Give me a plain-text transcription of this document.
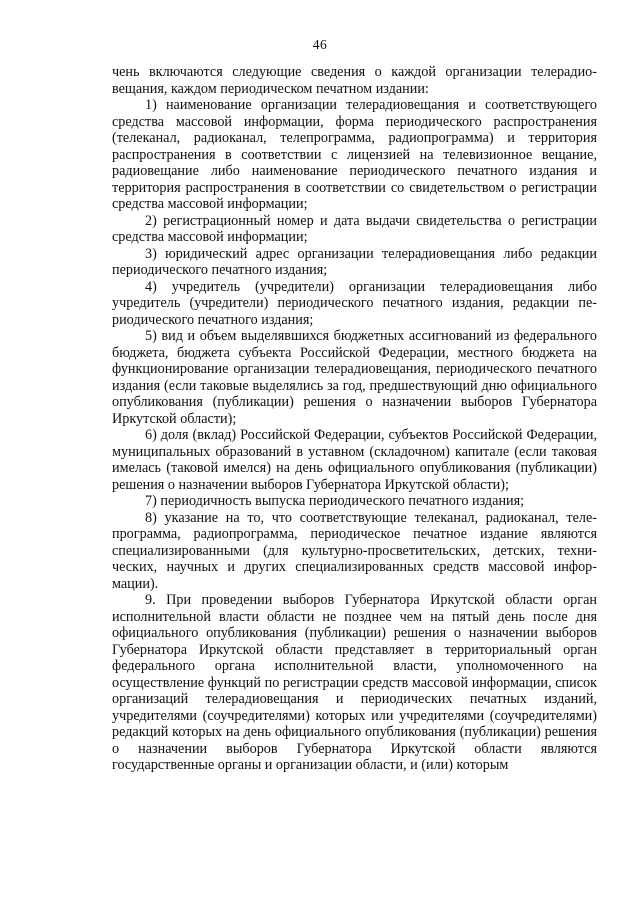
46

чень включаются следующие сведения о каждой организации телерадиовещания, каждом периодическом печатном издании:

1) наименование организации телерадиовещания и соответствующего средства массовой информации, форма периодического распространения (телеканал, радиоканал, телепрограмма, радиопрограмма) и территория распространения в соответствии с лицензией на телевизионное вещание, радиовещание либо наименование периодического печатного издания и территория распространения в соответствии со свидетельством о регистрации средства массовой информации;

2) регистрационный номер и дата выдачи свидетельства о регистрации средства массовой информации;

3) юридический адрес организации телерадиовещания либо редакции периодического печатного издания;

4) учредитель (учредители) организации телерадиовещания либо учредитель (учредители) периодического печатного издания, редакции периодического печатного издания;

5) вид и объем выделявшихся бюджетных ассигнований из федерального бюджета, бюджета субъекта Российской Федерации, местного бюджета на функционирование организации телерадиовещания, периодического печатного издания (если таковые выделялись за год, предшествующий дню официального опубликования (публикации) решения о назначении выборов Губернатора Иркутской области);

6) доля (вклад) Российской Федерации, субъектов Российской Федерации, муниципальных образований в уставном (складочном) капитале (если таковая имелась (таковой имелся) на день официального опубликования (публикации) решения о назначении выборов Губернатора Иркутской области);

7) периодичность выпуска периодического печатного издания;

8) указание на то, что соответствующие телеканал, радиоканал, телепрограмма, радиопрограмма, периодическое печатное издание являются специализированными (для культурно-просветительских, детских, технических, научных и других специализированных средств массовой информации).

9. При проведении выборов Губернатора Иркутской области орган исполнительной власти области не позднее чем на пятый день после дня официального опубликования (публикации) решения о назначении выборов Губернатора Иркутской области представляет в территориальный орган федерального органа исполнительной власти, уполномоченного на осуществление функций по регистрации средств массовой информации, список организаций телерадиовещания и периодических печатных изданий, учредителями (соучредителями) которых или учредителями (соучредителями) редакций которых на день официального опубликования (публикации) решения о назначении выборов Губернатора Иркутской области являются государственные органы и организации области, и (или) которым
